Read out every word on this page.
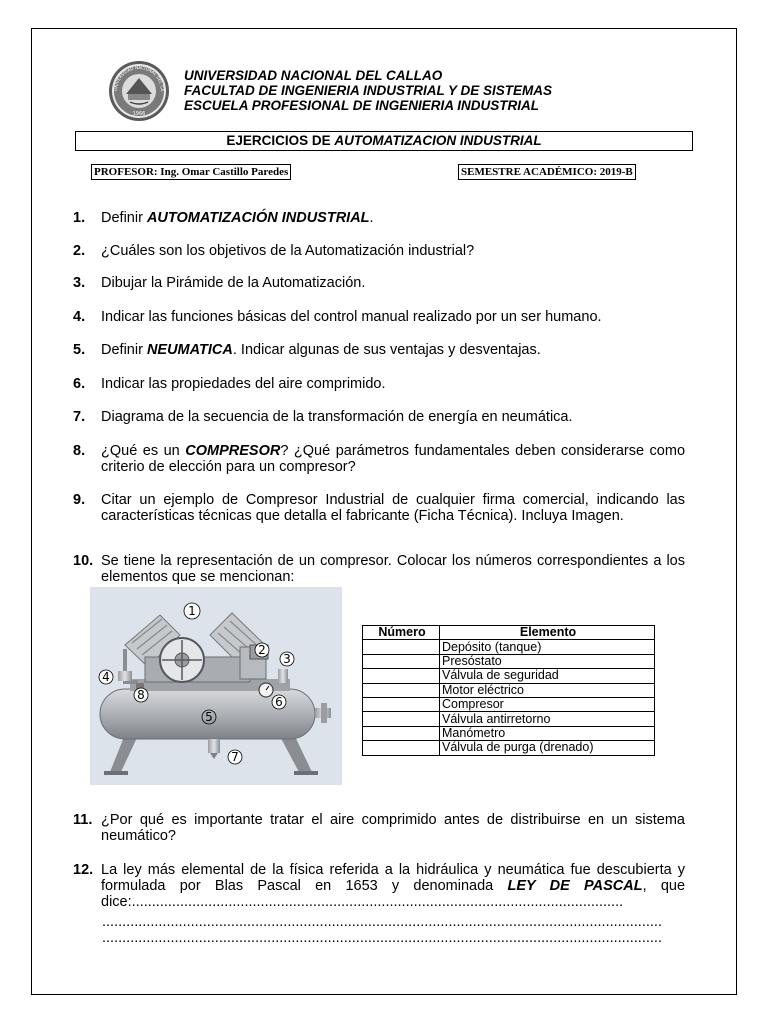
UNIVERSIDAD NACIONAL DEL CA
1966
UNIVERSIDAD NACIONAL DEL CALLAO
FACULTAD DE INGENIERIA INDUSTRIAL Y DE SISTEMAS
ESCUELA PROFESIONAL DE INGENIERIA INDUSTRIAL
EJERCICIOS DE AUTOMATIZACION INDUSTRIAL
PROFESOR: Ing. Omar Castillo Paredes	SEMESTRE ACADÉMICO: 2019-B
1. Definir AUTOMATIZACIÓN INDUSTRIAL.
2. ¿Cuáles son los objetivos de la Automatización industrial?
3. Dibujar la Pirámide de la Automatización.
4. Indicar las funciones básicas del control manual realizado por un ser humano.
5. Definir NEUMATICA. Indicar algunas de sus ventajas y desventajas.
6. Indicar las propiedades del aire comprimido.
7. Diagrama de la secuencia de la transformación de energía en neumática.
8. ¿Qué es un COMPRESOR? ¿Qué parámetros fundamentales deben considerarse como criterio de elección para un compresor?
9. Citar un ejemplo de Compresor Industrial de cualquier firma comercial, indicando las características técnicas que detalla el fabricante (Ficha Técnica). Incluya Imagen.
10. Se tiene la representación de un compresor. Colocar los números correspondientes a los elementos que se mencionan:
1
2
3
4
5
6
7
8
Número	Elemento
	Depósito (tanque)
	Presóstato
	Válvula de seguridad
	Motor eléctrico
	Compresor
	Válvula antirretorno
	Manómetro
	Válvula de purga (drenado)
11. ¿Por qué es importante tratar el aire comprimido antes de distribuirse en un sistema neumático?
12. La ley más elemental de la física referida a la hidráulica y neumática fue descubierta y formulada por Blas Pascal en 1653 y denominada LEY DE PASCAL, que dice:..........................................................................................................................
...........................................................................................................................................
...........................................................................................................................................
